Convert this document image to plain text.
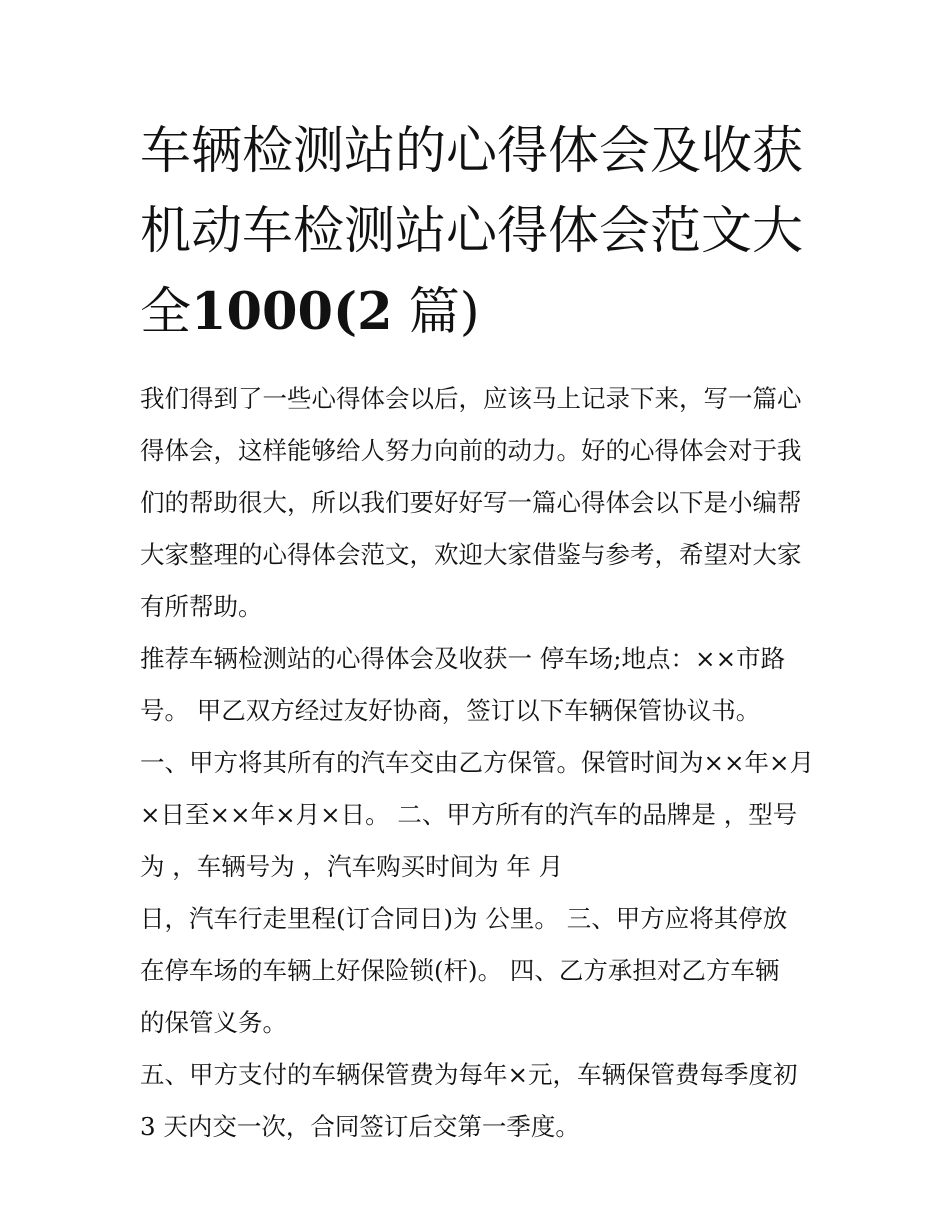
车辆检测站的心得体会及收获
机动车检测站心得体会范文大
全1000(2 篇)

我们得到了一些心得体会以后，应该马上记录下来，写一篇心
得体会，这样能够给人努力向前的动力。好的心得体会对于我
们的帮助很大，所以我们要好好写一篇心得体会以下是小编帮
大家整理的心得体会范文，欢迎大家借鉴与参考，希望对大家
有所帮助。

推荐车辆检测站的心得体会及收获一 停车场;地点：××市路
号。 甲乙双方经过友好协商，签订以下车辆保管协议书。

一、甲方将其所有的汽车交由乙方保管。保管时间为××年×月
×日至××年×月×日。 二、甲方所有的汽车的品牌是 ，型号
为 ，车辆号为 ，汽车购买时间为 年 月
日，汽车行走里程(订合同日)为 公里。 三、甲方应将其停放
在停车场的车辆上好保险锁(杆)。 四、乙方承担对乙方车辆
的保管义务。

五、甲方支付的车辆保管费为每年×元，车辆保管费每季度初
3 天内交一次，合同签订后交第一季度。
